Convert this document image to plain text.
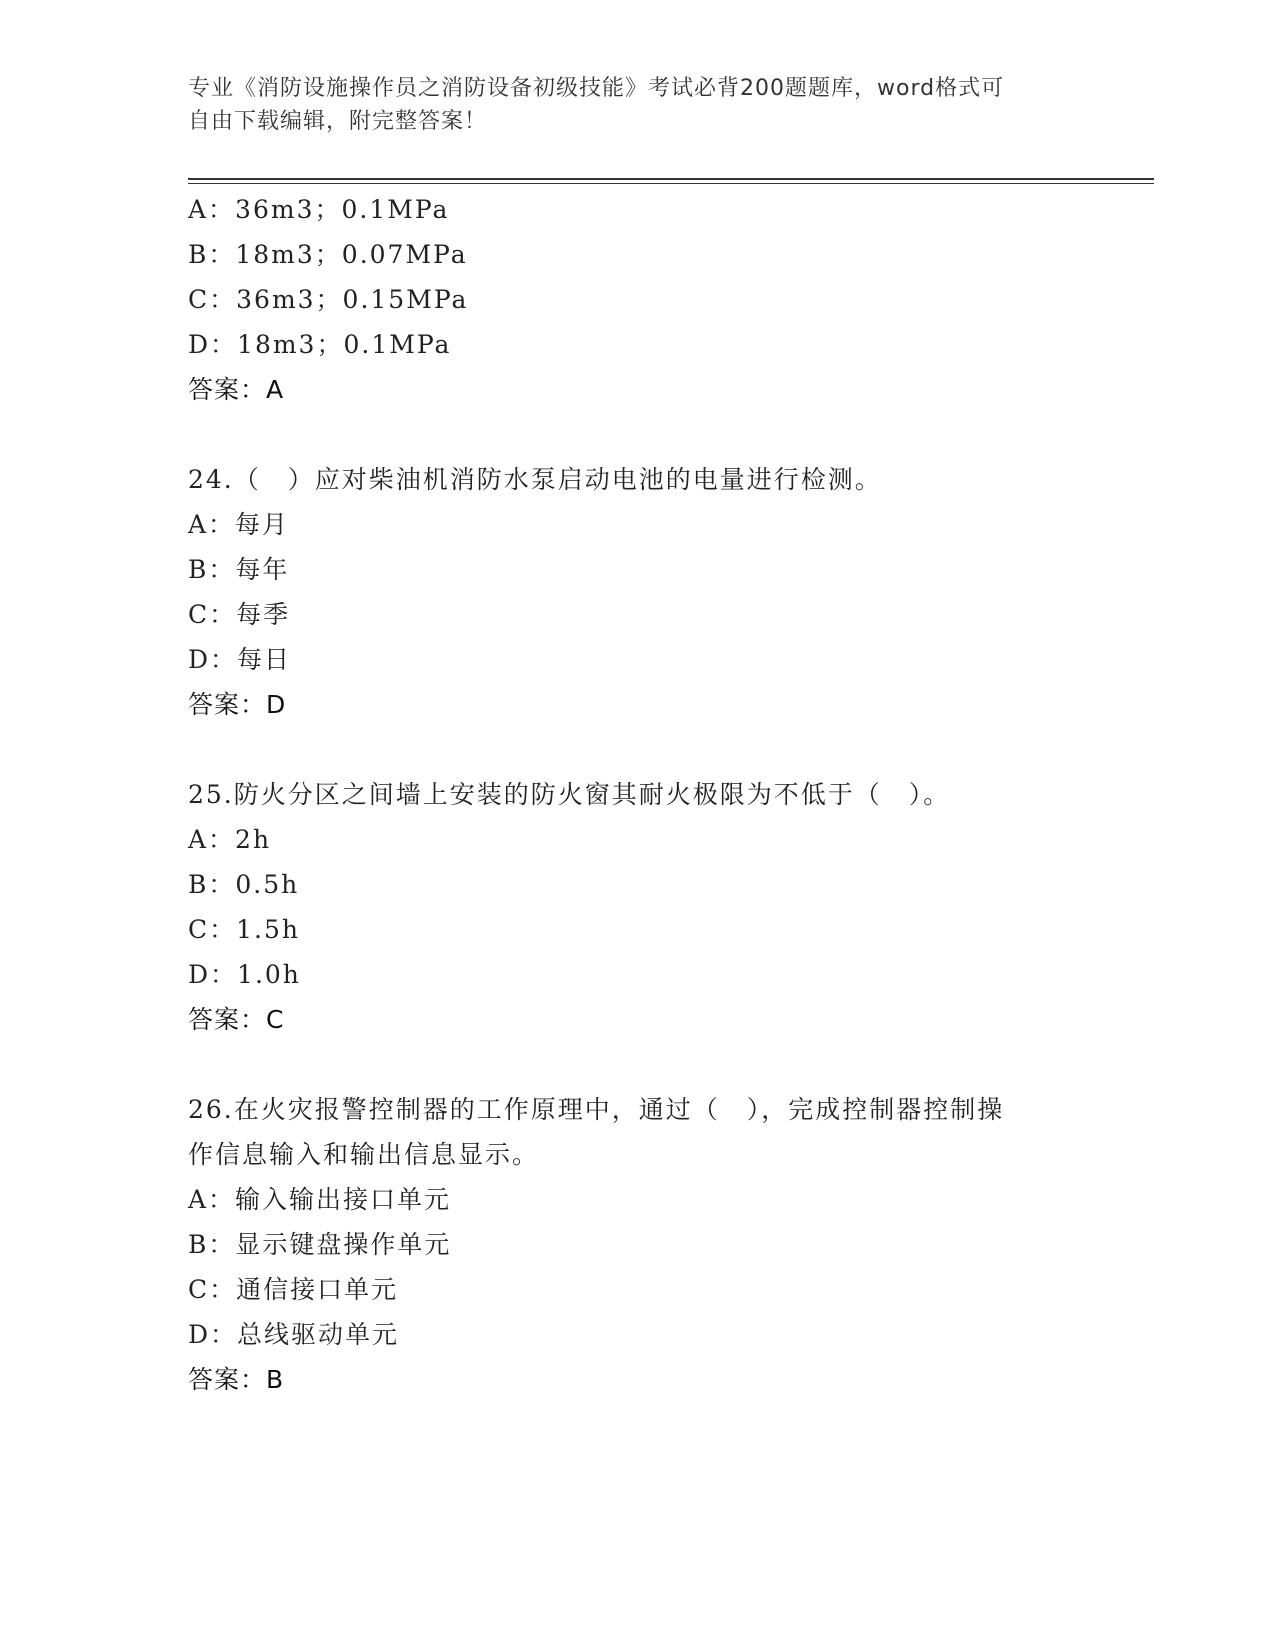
专业《消防设施操作员之消防设备初级技能》考试必背200题题库，word格式可
自由下载编辑，附完整答案！
A：36m3；0.1MPa
B：18m3；0.07MPa
C：36m3；0.15MPa
D：18m3；0.1MPa
答案：A
24.（　）应对柴油机消防水泵启动电池的电量进行检测。
A：每月
B：每年
C：每季
D：每日
答案：D
25.防火分区之间墙上安装的防火窗其耐火极限为不低于（　）。
A：2h
B：0.5h
C：1.5h
D：1.0h
答案：C
26.在火灾报警控制器的工作原理中，通过（　），完成控制器控制操
作信息输入和输出信息显示。
A：输入输出接口单元
B：显示键盘操作单元
C：通信接口单元
D：总线驱动单元
答案：B
